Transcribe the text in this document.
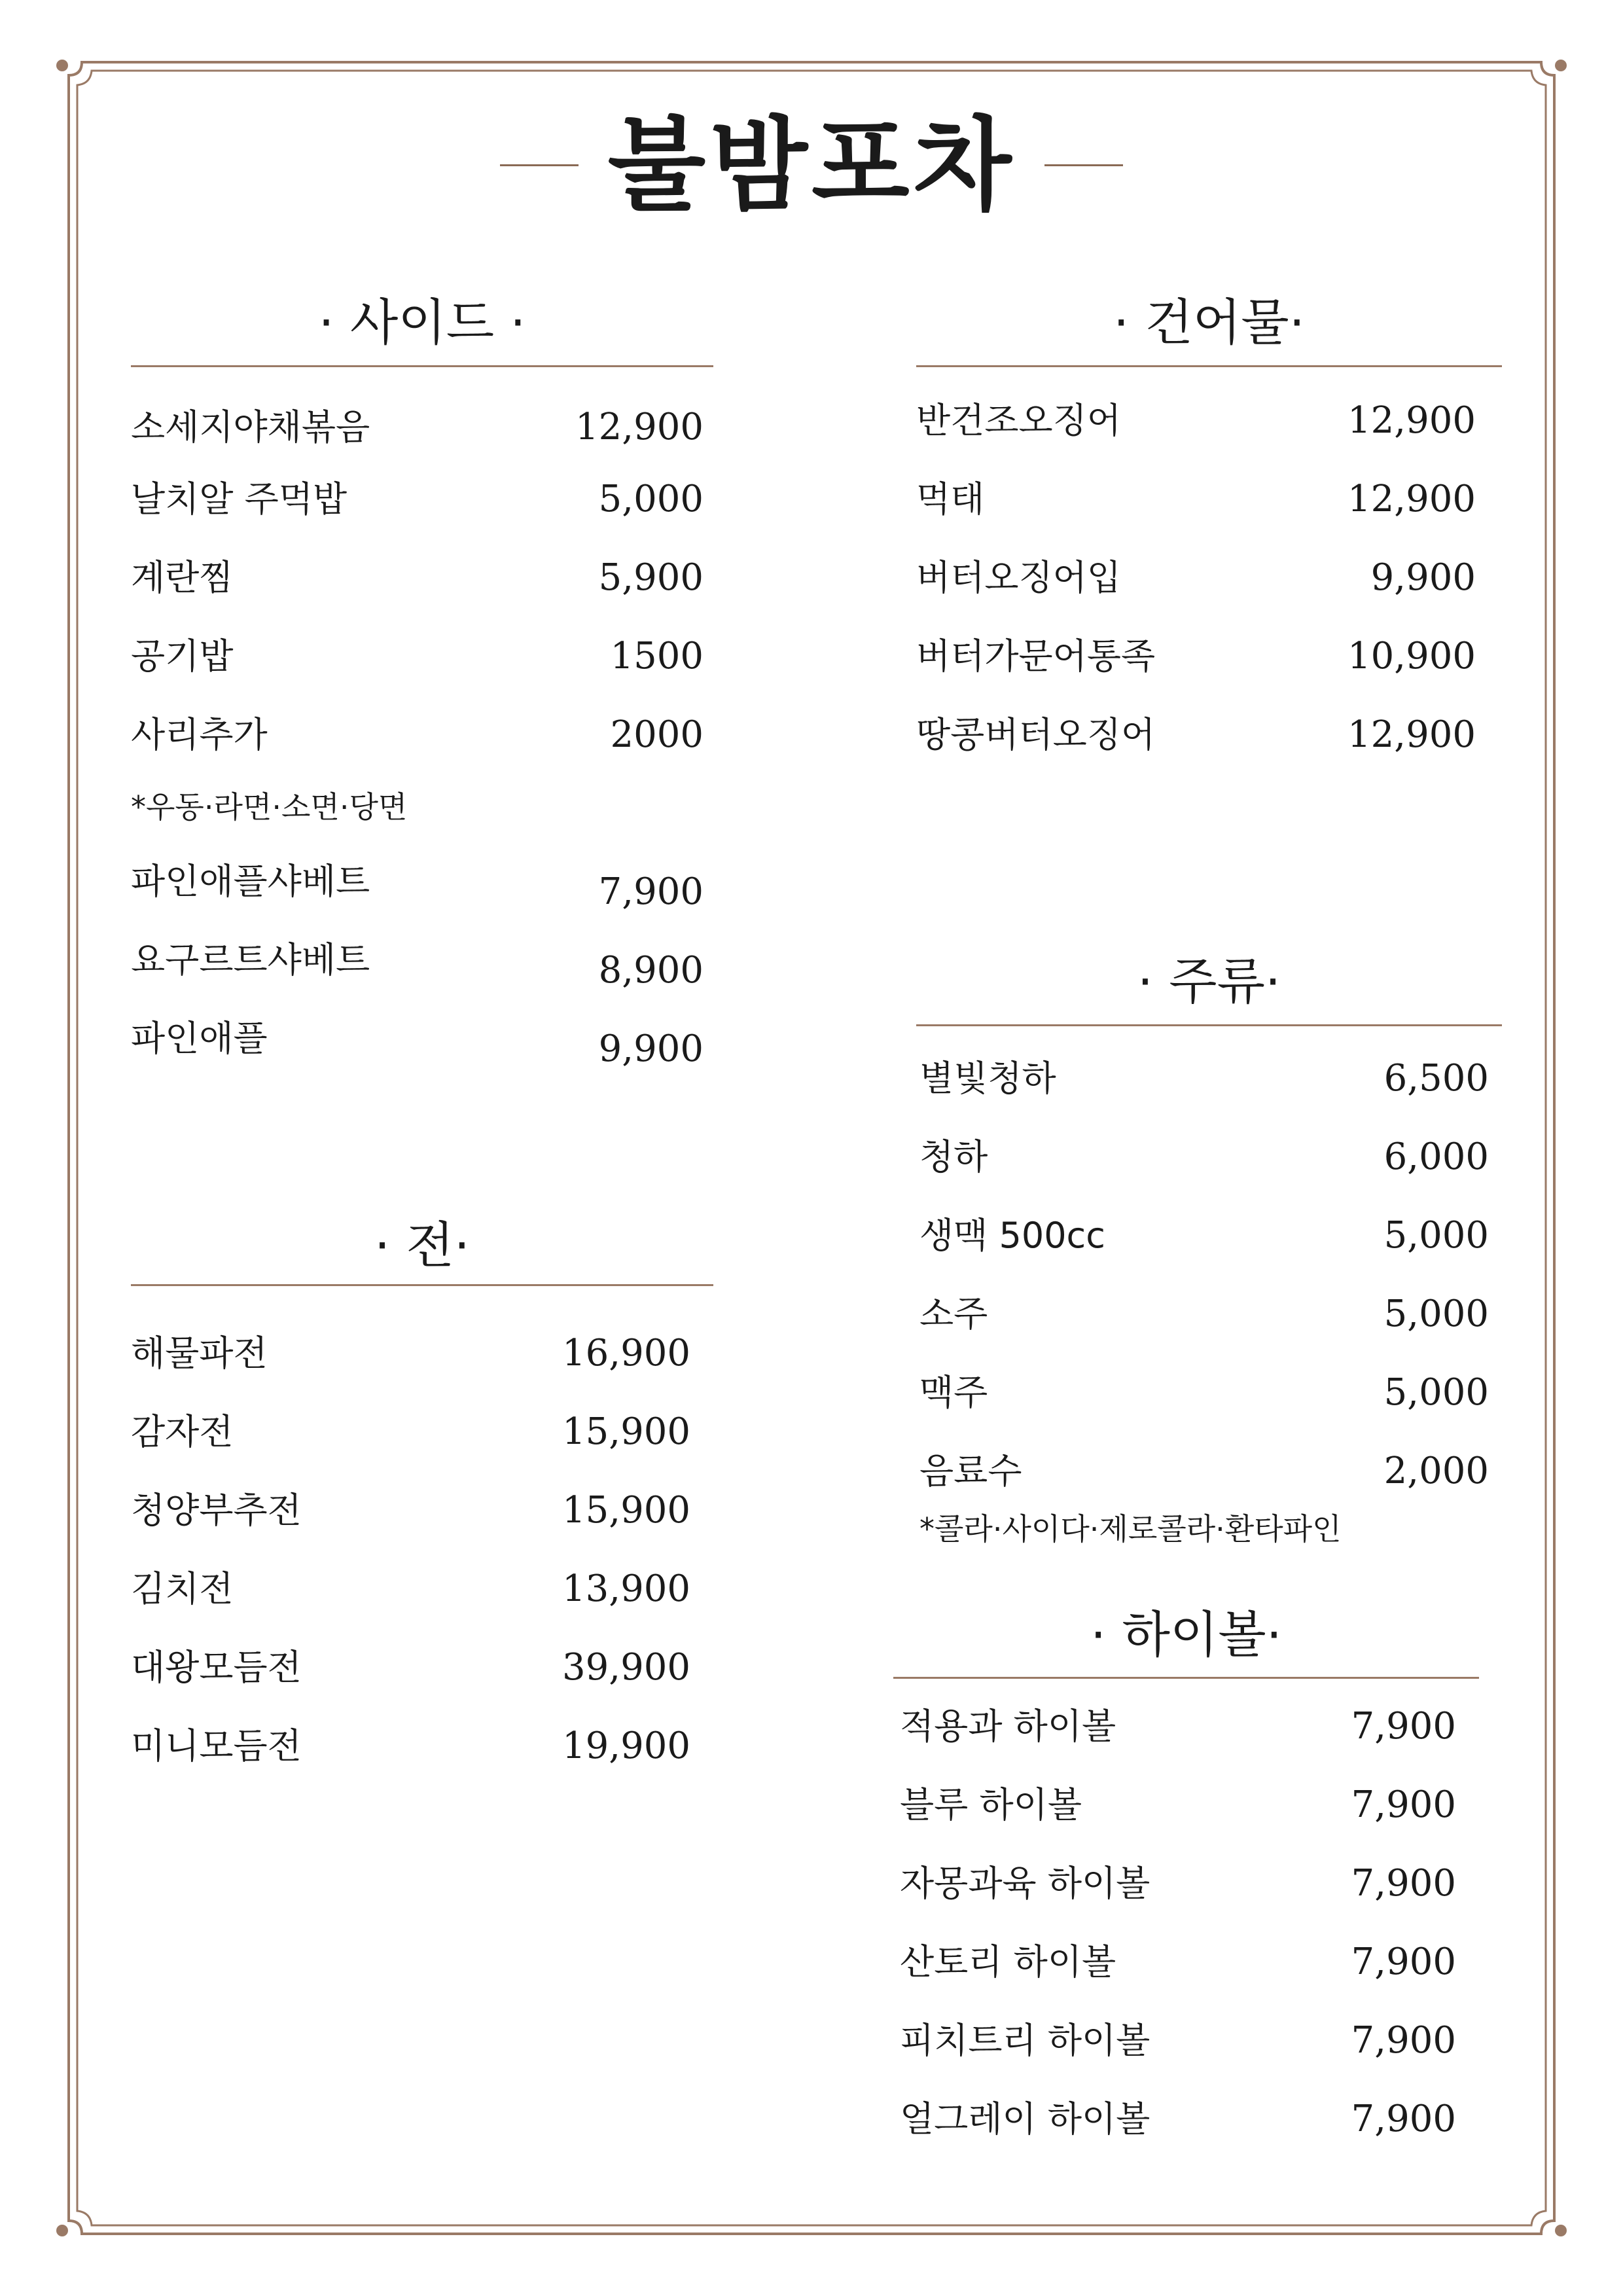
불밤포차
· 사이드 ·
소세지야채볶음	12,900
날치알 주먹밥	5,000
계란찜	5,900
공기밥	1500
사리추가	2000
*우동·라면·소면·당면
파인애플샤베트	7,900
요구르트샤베트	8,900
파인애플	9,900
· 전·
해물파전	16,900
감자전	15,900
청양부추전	15,900
김치전	13,900
대왕모듬전	39,900
미니모듬전	19,900
· 건어물·
반건조오징어	12,900
먹태	12,900
버터오징어입	9,900
버터가문어통족	10,900
땅콩버터오징어	12,900
· 주류·
별빛청하	6,500
청하	6,000
생맥 500cc	5,000
소주	5,000
맥주	5,000
음료수	2,000
*콜라·사이다·제로콜라·환타파인
· 하이볼·
적용과 하이볼	7,900
블루 하이볼	7,900
자몽과육 하이볼	7,900
산토리 하이볼	7,900
피치트리 하이볼	7,900
얼그레이 하이볼	7,900
